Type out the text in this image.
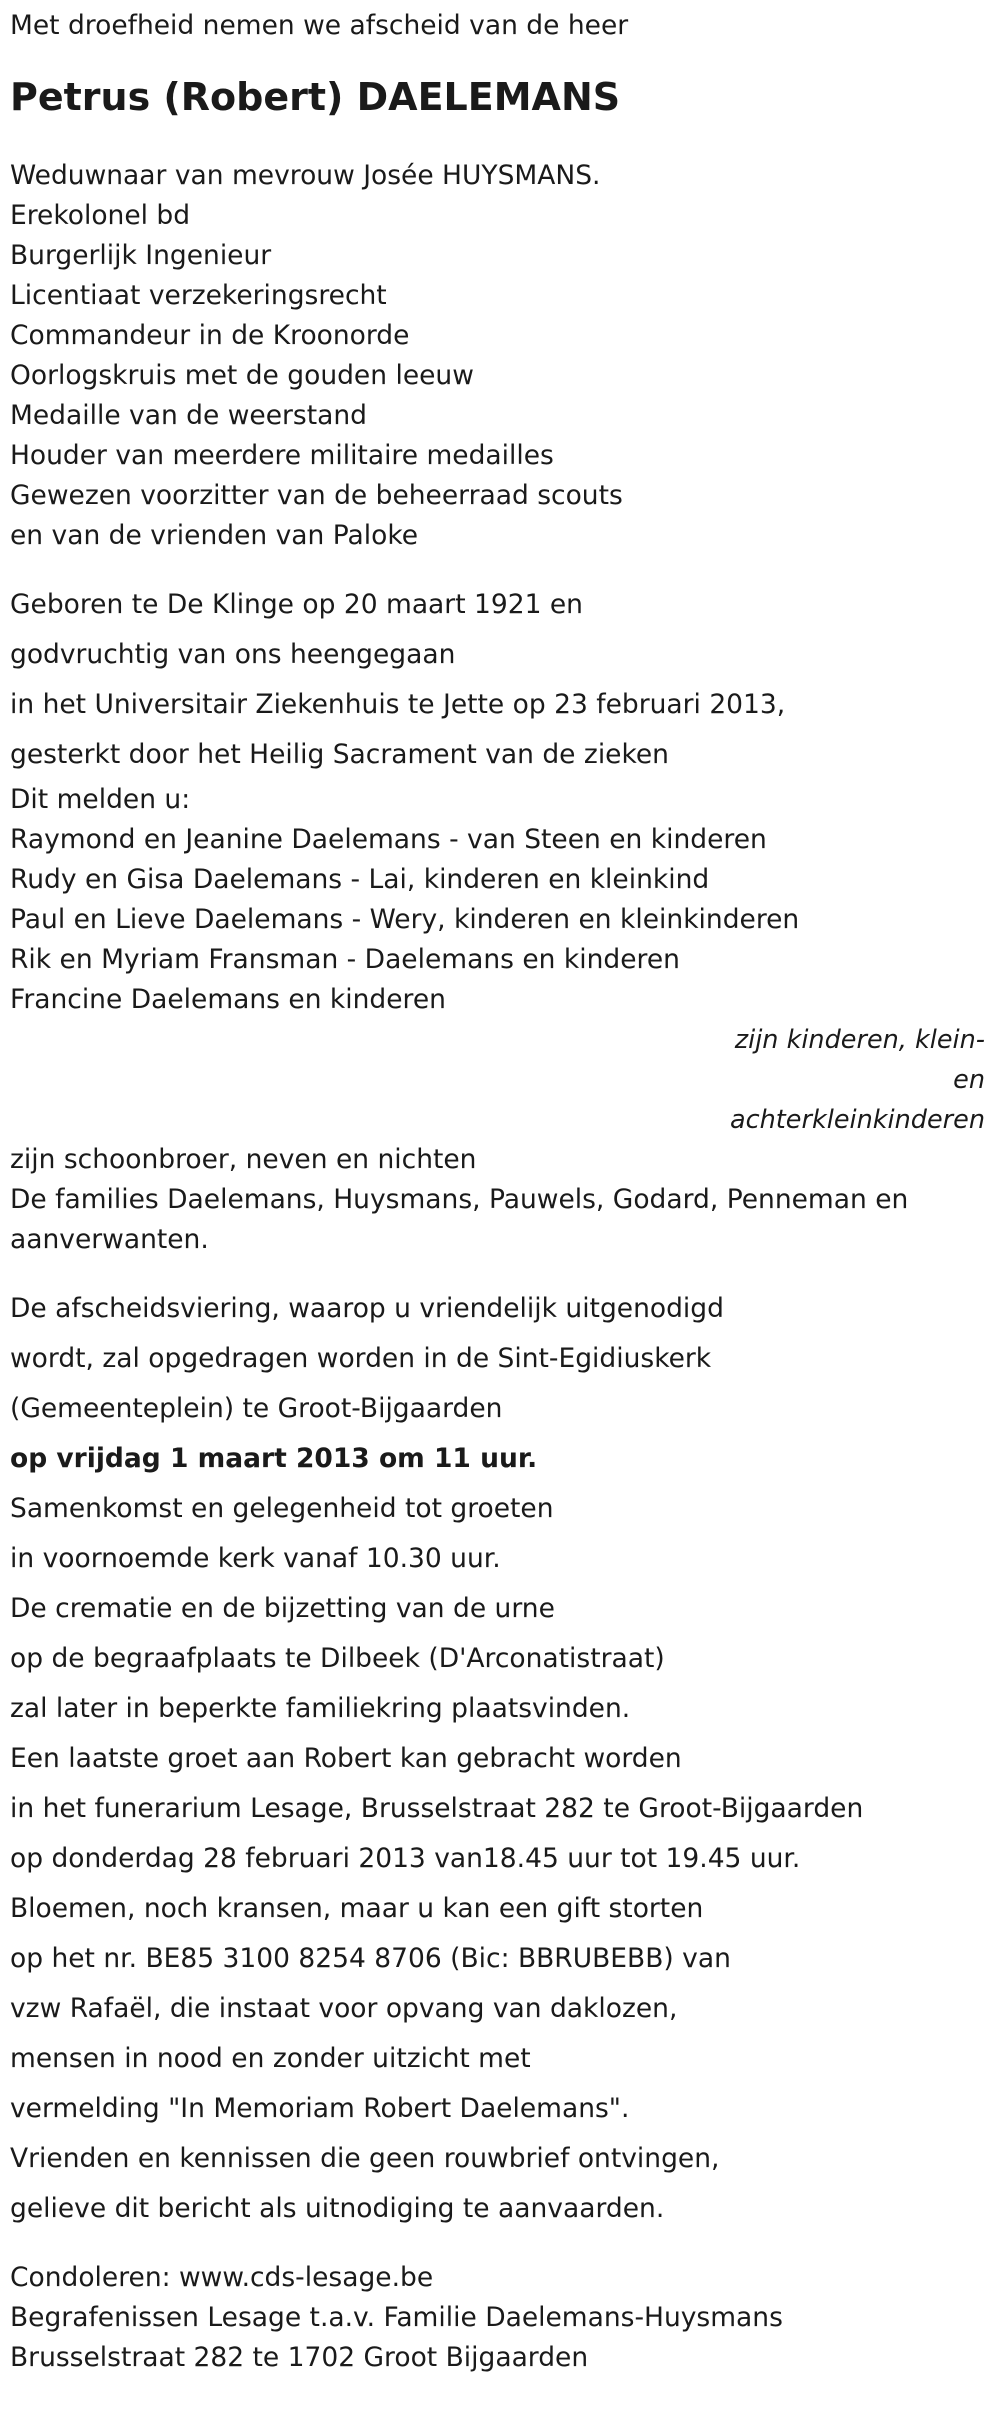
Met droefheid nemen we afscheid van de heer
Petrus (Robert) DAELEMANS
Weduwnaar van mevrouw Josée HUYSMANS.
Erekolonel bd
Burgerlijk Ingenieur
Licentiaat verzekeringsrecht
Commandeur in de Kroonorde
Oorlogskruis met de gouden leeuw
Medaille van de weerstand
Houder van meerdere militaire medailles
Gewezen voorzitter van de beheerraad scouts
en van de vrienden van Paloke
Geboren te De Klinge op 20 maart 1921 en
godvruchtig van ons heengegaan
in het Universitair Ziekenhuis te Jette op 23 februari 2013,
gesterkt door het Heilig Sacrament van de zieken
Dit melden u:
Raymond en Jeanine Daelemans - van Steen en kinderen
Rudy en Gisa Daelemans - Lai, kinderen en kleinkind
Paul en Lieve Daelemans - Wery, kinderen en kleinkinderen
Rik en Myriam Fransman - Daelemans en kinderen
Francine Daelemans en kinderen
zijn kinderen, klein-
en
achterkleinkinderen
zijn schoonbroer, neven en nichten
De families Daelemans, Huysmans, Pauwels, Godard, Penneman en
aanverwanten.
De afscheidsviering, waarop u vriendelijk uitgenodigd
wordt, zal opgedragen worden in de Sint-Egidiuskerk
(Gemeenteplein) te Groot-Bijgaarden
op vrijdag 1 maart 2013 om 11 uur.
Samenkomst en gelegenheid tot groeten
in voornoemde kerk vanaf 10.30 uur.
De crematie en de bijzetting van de urne
op de begraafplaats te Dilbeek (D'Arconatistraat)
zal later in beperkte familiekring plaatsvinden.
Een laatste groet aan Robert kan gebracht worden
in het funerarium Lesage, Brusselstraat 282 te Groot-Bijgaarden
op donderdag 28 februari 2013 van18.45 uur tot 19.45 uur.
Bloemen, noch kransen, maar u kan een gift storten
op het nr. BE85 3100 8254 8706 (Bic: BBRUBEBB) van
vzw Rafaël, die instaat voor opvang van daklozen,
mensen in nood en zonder uitzicht met
vermelding "In Memoriam Robert Daelemans".
Vrienden en kennissen die geen rouwbrief ontvingen,
gelieve dit bericht als uitnodiging te aanvaarden.
Condoleren: www.cds-lesage.be
Begrafenissen Lesage t.a.v. Familie Daelemans-Huysmans
Brusselstraat 282 te 1702 Groot Bijgaarden
